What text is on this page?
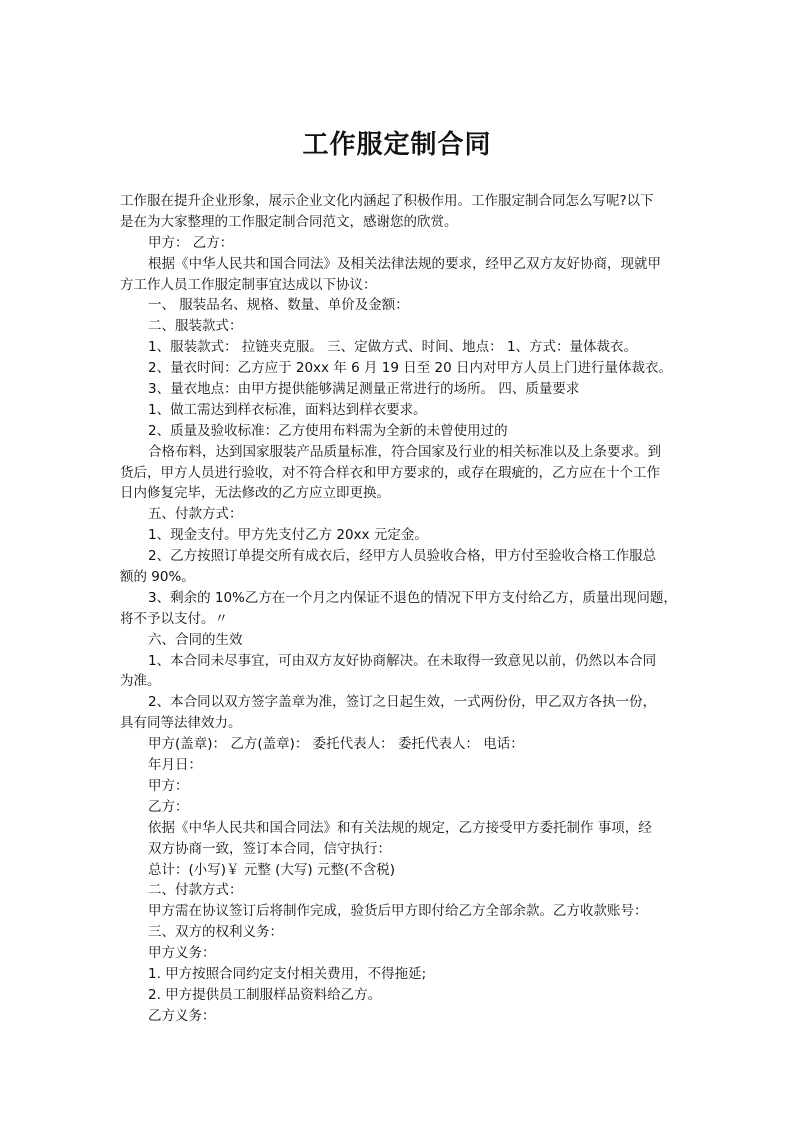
工作服定制合同
工作服在提升企业形象，展示企业文化内涵起了积极作用。工作服定制合同怎么写呢?以下
是在为大家整理的工作服定制合同范文，感谢您的欣赏。
甲方： 乙方：
根据《中华人民共和国合同法》及相关法律法规的要求，经甲乙双方友好协商，现就甲
方工作人员工作服定制事宜达成以下协议：
一、 服装品名、规格、数量、单价及金额：
二、服装款式：
1、服装款式： 拉链夹克服。 三、定做方式、时间、地点： 1、方式：量体裁衣。
2、量衣时间：乙方应于 20xx 年 6 月 19 日至 20 日内对甲方人员上门进行量体裁衣。
3、量衣地点：由甲方提供能够满足测量正常进行的场所。 四、质量要求
1、做工需达到样衣标准，面料达到样衣要求。
2、质量及验收标准：乙方使用布料需为全新的未曾使用过的
合格布料，达到国家服装产品质量标准，符合国家及行业的相关标准以及上条要求。到
货后，甲方人员进行验收，对不符合样衣和甲方要求的，或存在瑕疵的，乙方应在十个工作
日内修复完毕，无法修改的乙方应立即更换。
五、付款方式：
1、现金支付。甲方先支付乙方 20xx 元定金。
2、乙方按照订单提交所有成衣后，经甲方人员验收合格，甲方付至验收合格工作服总
额的 90%。
3、剩余的 10%乙方在一个月之内保证不退色的情况下甲方支付给乙方，质量出现问题，
将不予以支付。〃
六、合同的生效
1、本合同未尽事宜，可由双方友好协商解决。在未取得一致意见以前，仍然以本合同
为准。
2、本合同以双方签字盖章为准，签订之日起生效，一式两份份，甲乙双方各执一份，
具有同等法律效力。
甲方(盖章)： 乙方(盖章)： 委托代表人： 委托代表人： 电话：
年月日：
甲方：
乙方：
依据《中华人民共和国合同法》和有关法规的规定，乙方接受甲方委托制作 事项，经
双方协商一致，签订本合同，信守执行：
总计：(小写)￥ 元整 (大写) 元整(不含税)
二、付款方式：
甲方需在协议签订后将制作完成，验货后甲方即付给乙方全部余款。乙方收款账号：
三、双方的权利义务：
甲方义务：
1. 甲方按照合同约定支付相关费用，不得拖延;
2. 甲方提供员工制服样品资料给乙方。
乙方义务：
